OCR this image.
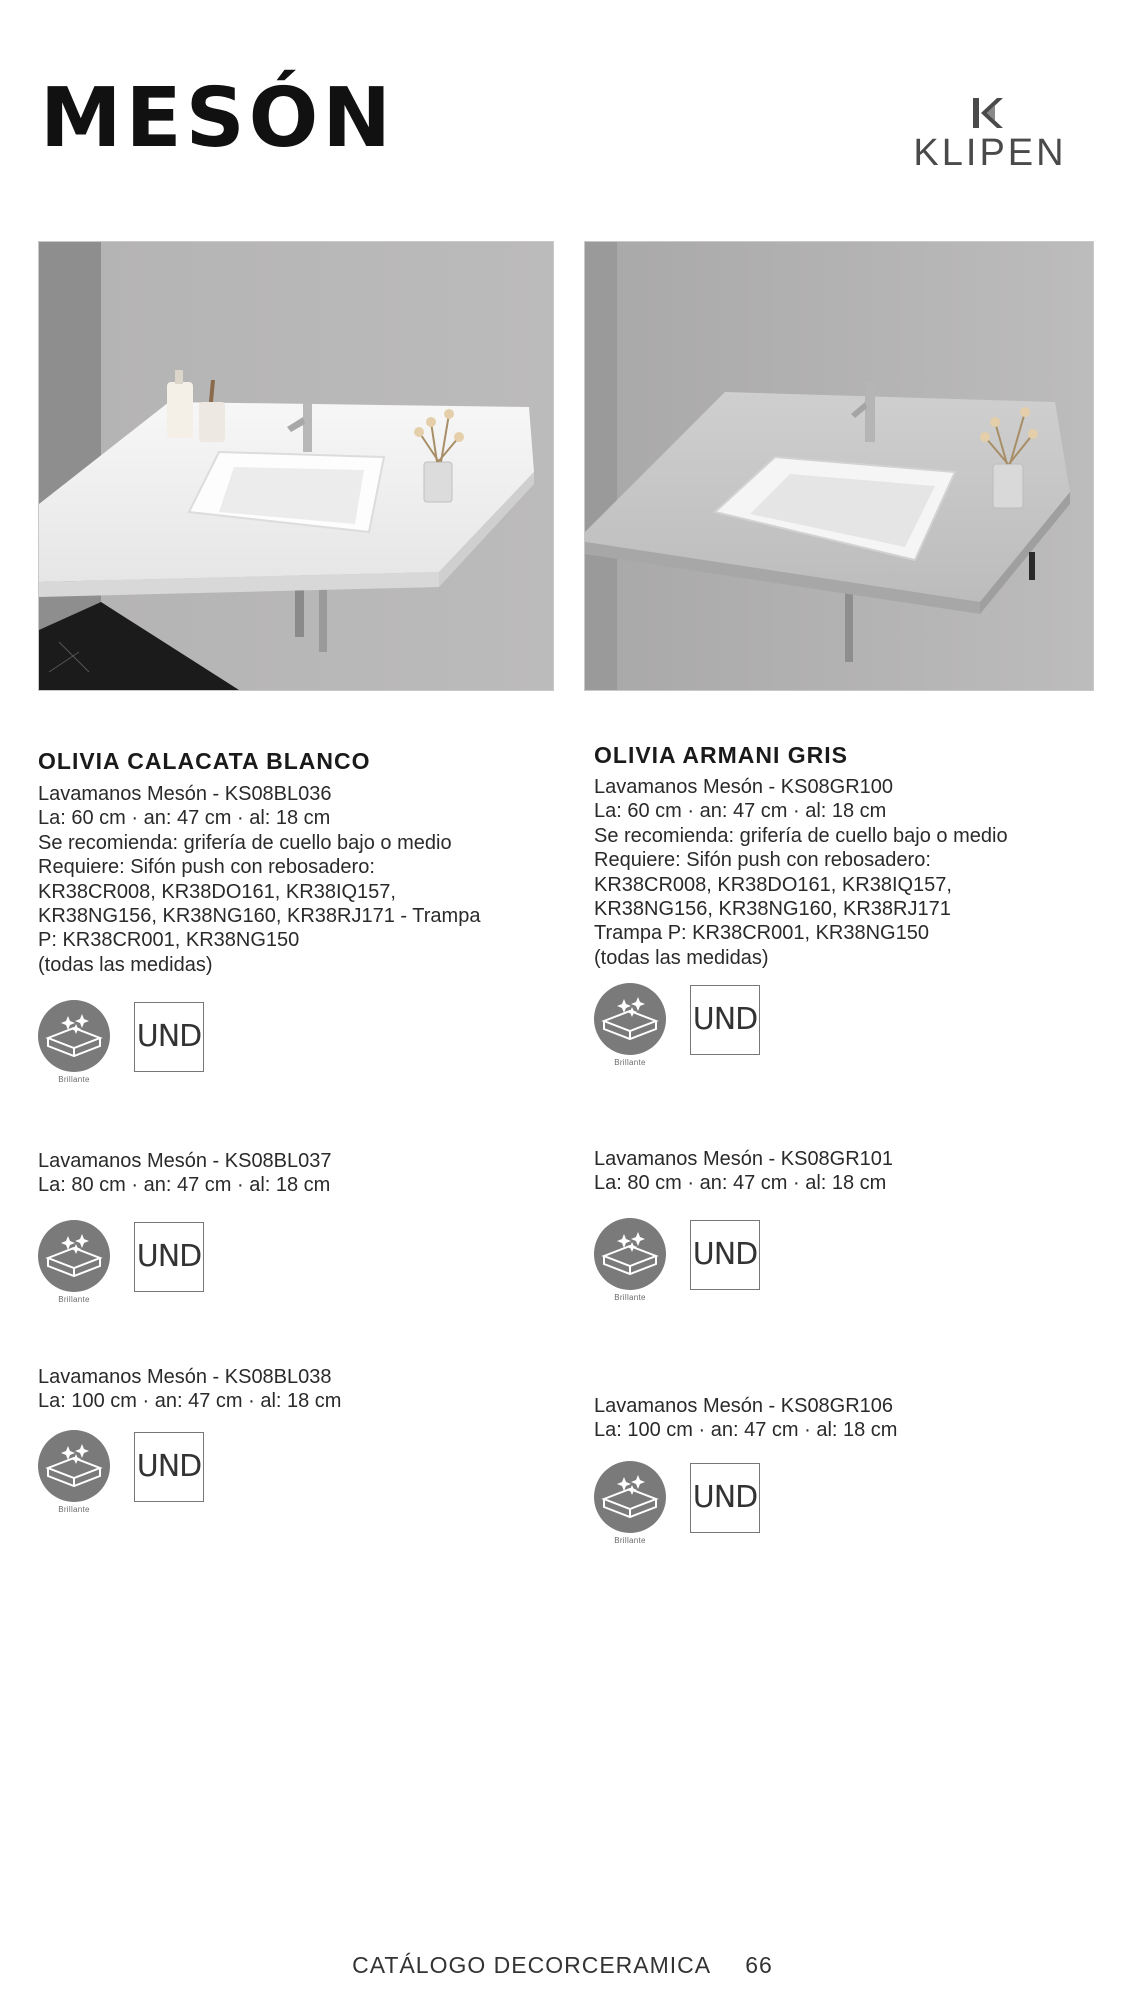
MESÓN	KLIPEN
OLIVIA CALACATA BLANCO
Lavamanos Mesón - KS08BL036
La: 60 cm · an: 47 cm · al: 18 cm
Se recomienda: grifería de cuello bajo o medio
Requiere: Sifón push con rebosadero:
KR38CR008, KR38DO161, KR38IQ157,
KR38NG156, KR38NG160, KR38RJ171 - Trampa
P: KR38CR001, KR38NG150
(todas las medidas)
Brillante
UND
Lavamanos Mesón - KS08BL037
La: 80 cm · an: 47 cm · al: 18 cm
Brillante
UND
Lavamanos Mesón - KS08BL038
La: 100 cm · an: 47 cm · al: 18 cm
Brillante
UND
OLIVIA ARMANI GRIS
Lavamanos Mesón - KS08GR100
La: 60 cm · an: 47 cm · al: 18 cm
Se recomienda: grifería de cuello bajo o medio
Requiere: Sifón push con rebosadero:
KR38CR008, KR38DO161, KR38IQ157,
KR38NG156, KR38NG160, KR38RJ171
Trampa P: KR38CR001, KR38NG150
(todas las medidas)
Brillante
UND
Lavamanos Mesón - KS08GR101
La: 80 cm · an: 47 cm · al: 18 cm
Brillante
UND
Lavamanos Mesón - KS08GR106
La: 100 cm · an: 47 cm · al: 18 cm
Brillante
UND
CATÁLOGO DECORCERAMICA 66
